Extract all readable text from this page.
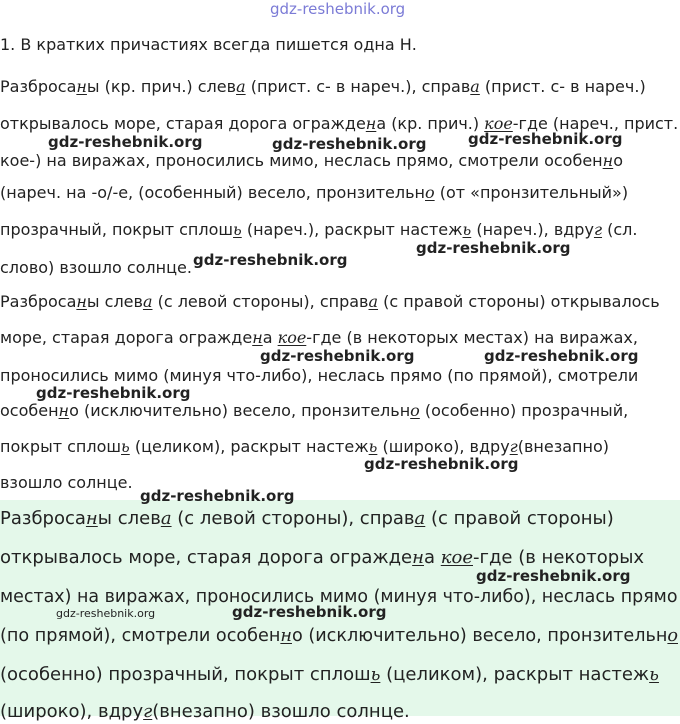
gdz-reshebnik.org
1. В кратких причастиях всегда пишется одна Н.
Разбросаны (кр. прич.) слева (прист. с- в нареч.), справа (прист. с- в нареч.)
открывалось море, старая дорога ограждена (кр. прич.) кое-где (нареч., прист.
кое-) на виражах, проносились мимо, неслась прямо, смотрели особенно
(нареч. на -о/-е, (особенный) весело, пронзительно (от «пронзительный»)
прозрачный, покрыт сплошь (нареч.), раскрыт настежь (нареч.), вдруг (сл.
слово) взошло солнце.
Разбросаны слева (с левой стороны), справа (с правой стороны) открывалось
море, старая дорога ограждена кое-где (в некоторых местах) на виражах,
проносились мимо (минуя что-либо), неслась прямо (по прямой), смотрели
особенно (исключительно) весело, пронзительно (особенно) прозрачный,
покрыт сплошь (целиком), раскрыт настежь (широко), вдруг(внезапно)
взошло солнце.
Разбросаны слева (с левой стороны), справа (с правой стороны)
открывалось море, старая дорога ограждена кое-где (в некоторых
местах) на виражах, проносились мимо (минуя что-либо), неслась прямо
(по прямой), смотрели особенно (исключительно) весело, пронзительно
(особенно) прозрачный, покрыт сплошь (целиком), раскрыт настежь
(широко), вдруг(внезапно) взошло солнце.
gdz-reshebnik.org	gdz-reshebnik.org	gdz-reshebnik.org
gdz-reshebnik.org
gdz-reshebnik.org
gdz-reshebnik.org	gdz-reshebnik.org
gdz-reshebnik.org
gdz-reshebnik.org
gdz-reshebnik.org
gdz-reshebnik.org
gdz-reshebnik.org
gdz-reshebnik.org
